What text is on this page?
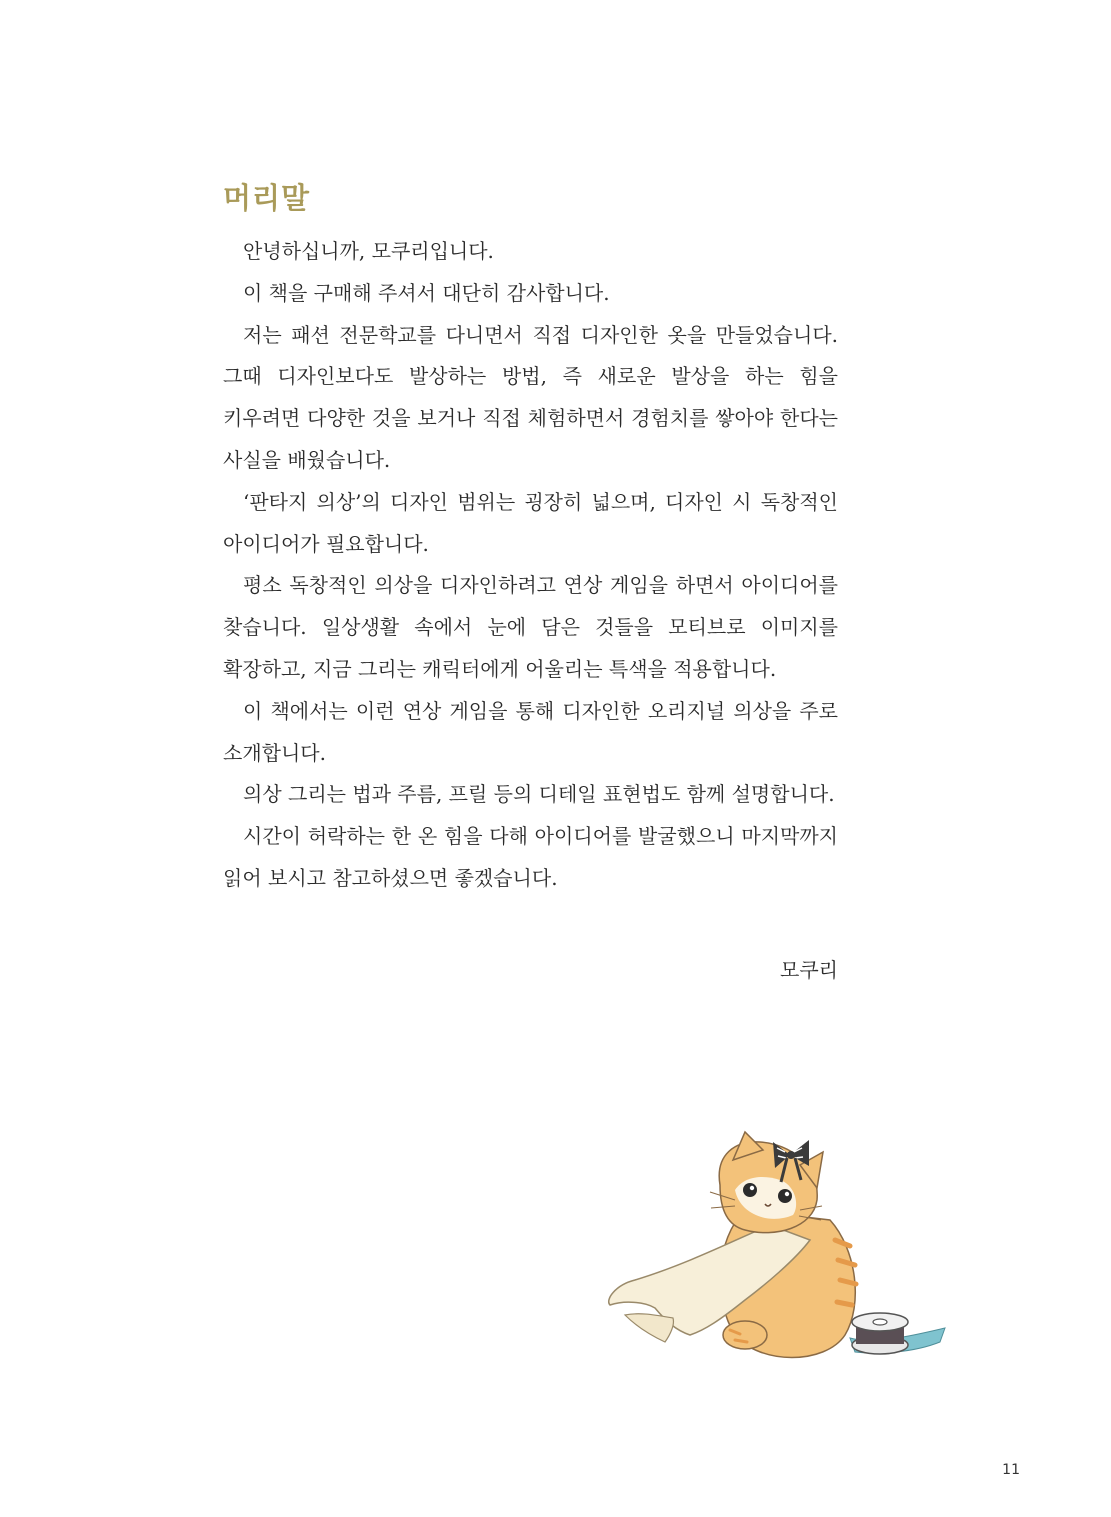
머리말

안녕하십니까, 모쿠리입니다.

이 책을 구매해 주셔서 대단히 감사합니다.

저는 패션 전문학교를 다니면서 직접 디자인한 옷을 만들었습니다. 그때 디자인보다도 발상하는 방법, 즉 새로운 발상을 하는 힘을 키우려면 다양한 것을 보거나 직접 체험하면서 경험치를 쌓아야 한다는 사실을 배웠습니다.

‘판타지 의상’의 디자인 범위는 굉장히 넓으며, 디자인 시 독창적인 아이디어가 필요합니다.

평소 독창적인 의상을 디자인하려고 연상 게임을 하면서 아이디어를 찾습니다. 일상생활 속에서 눈에 담은 것들을 모티브로 이미지를 확장하고, 지금 그리는 캐릭터에게 어울리는 특색을 적용합니다.

이 책에서는 이런 연상 게임을 통해 디자인한 오리지널 의상을 주로 소개합니다.

의상 그리는 법과 주름, 프릴 등의 디테일 표현법도 함께 설명합니다.

시간이 허락하는 한 온 힘을 다해 아이디어를 발굴했으니 마지막까지 읽어 보시고 참고하셨으면 좋겠습니다.

모쿠리
11
